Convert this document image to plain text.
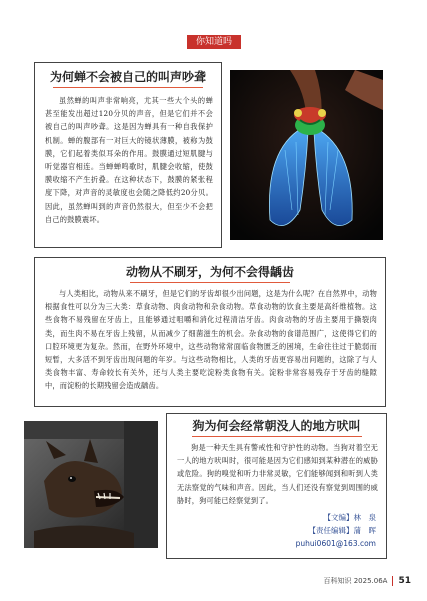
你知道吗
为何蝉不会被自己的叫声吵聋

虽然蝉的叫声非常响亮，尤其一些大个头的蝉甚至能发出超过120分贝的声音，但是它们并不会被自己的叫声吵聋。这是因为蝉具有一种自我保护机制。蝉的腹部有一对巨大的镜状薄膜，被称为鼓膜，它们起着类似耳朵的作用。鼓膜通过短肌腱与听觉器官相连。当蝉蝉鸣歌时，肌腱会收缩，使鼓膜收缩不产生折叠。在这种状态下，鼓膜的紧张程度下降，对声音的灵敏度也会随之降低约20分贝。因此，虽然蝉叫到的声音仍然很大，但至少不会把自己的鼓膜震坏。

动物从不刷牙，为何不会得龋齿

与人类相比，动物从来不刷牙，但是它们的牙齿却很少出问题，这是为什么呢？在自然界中，动物根据食性可以分为三大类：草食动物、肉食动物和杂食动物。草食动物的饮食主要是高纤维植物。这些食物不易残留在牙齿上，且能够通过咀嚼和消化过程清洁牙齿。肉食动物的牙齿主要用于撕裂肉类，而生肉不易在牙齿上残留，从而减少了细菌滋生的机会。杂食动物的食谱范围广，这使得它们的口腔环境更为复杂。然而，在野外环境中，这些动物常常面临食物匮乏的困境，生命往往过于脆弱而短暂，大多活不到牙齿出现问题的年岁。与这些动物相比，人类的牙齿更容易出问题的，这除了与人类食物丰富、寿命较长有关外，还与人类主要吃淀粉类食物有关。淀粉非常容易残存于牙齿的缝隙中，而淀粉的长期残留会造成龋齿。

狗为何会经常朝没人的地方吠叫

狗是一种天生具有警戒性和守护性的动物。当狗对着空无一人的地方吠叫时，很可能是因为它们感知到某种潜在的威胁或危险。狗的嗅觉和听力非常灵敏，它们能够闻到和听到人类无法察觉的气味和声音。因此，当人们还没有察觉到周围的威胁时，狗可能已经察觉到了。

【文编】林　泉
【责任编辑】蒲　晖
puhui0601@163.com
百科知识 2025.06A 51
